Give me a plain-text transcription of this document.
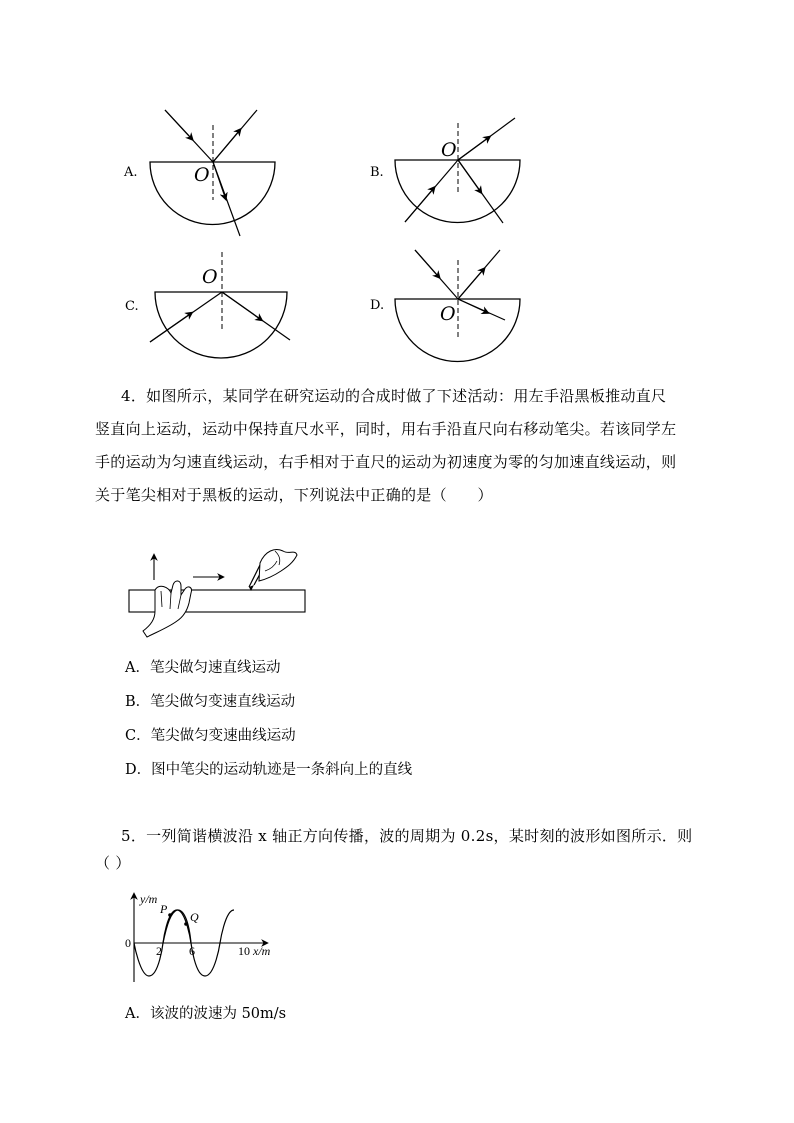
A.	O	B.
O
C.
O
D.	O
4．如图所示，某同学在研究运动的合成时做了下述活动：用左手沿黑板推动直尺
竖直向上运动，运动中保持直尺水平，同时，用右手沿直尺向右移动笔尖。若该同学左
手的运动为匀速直线运动，右手相对于直尺的运动为初速度为零的匀加速直线运动，则
关于笔尖相对于黑板的运动，下列说法中正确的是（　　）
A．笔尖做匀速直线运动
B．笔尖做匀变速直线运动
C．笔尖做匀变速曲线运动
D．图中笔尖的运动轨迹是一条斜向上的直线
5．一列简谐横波沿 x 轴正方向传播，波的周期为 0.2s，某时刻的波形如图所示．则
（ ）
y/m
x/m
0
2 6	10
P
Q
A．该波的波速为 50m/s
